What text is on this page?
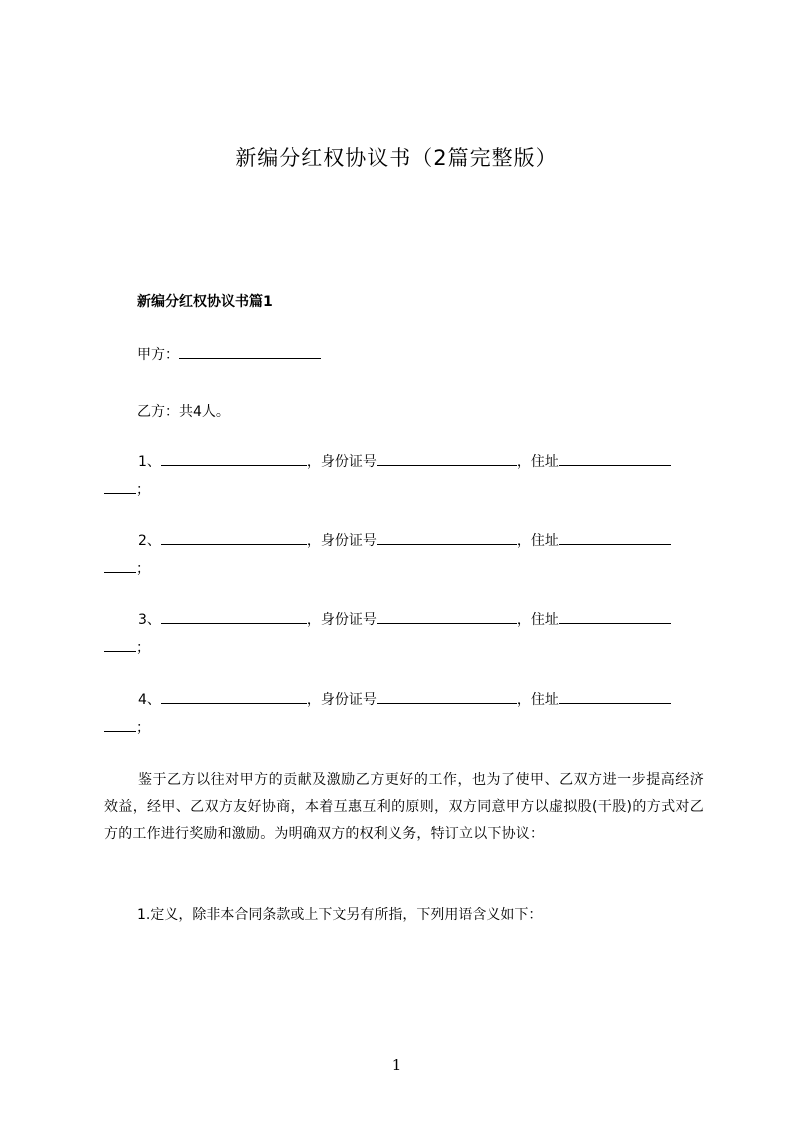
新编分红权协议书（2篇完整版）
新编分红权协议书篇1
甲方：
乙方：共4人。
1、	，身份证号	，住址
；
2、	，身份证号	，住址
；
3、	，身份证号	，住址
；
4、	，身份证号	，住址
；
鉴于乙方以往对甲方的贡献及激励乙方更好的工作，也为了使甲、乙双方进一步提高经济效益，经甲、乙双方友好协商，本着互惠互利的原则，双方同意甲方以虚拟股(干股)的方式对乙方的工作进行奖励和激励。为明确双方的权利义务，特订立以下协议：
1.定义，除非本合同条款或上下文另有所指，下列用语含义如下：
1
